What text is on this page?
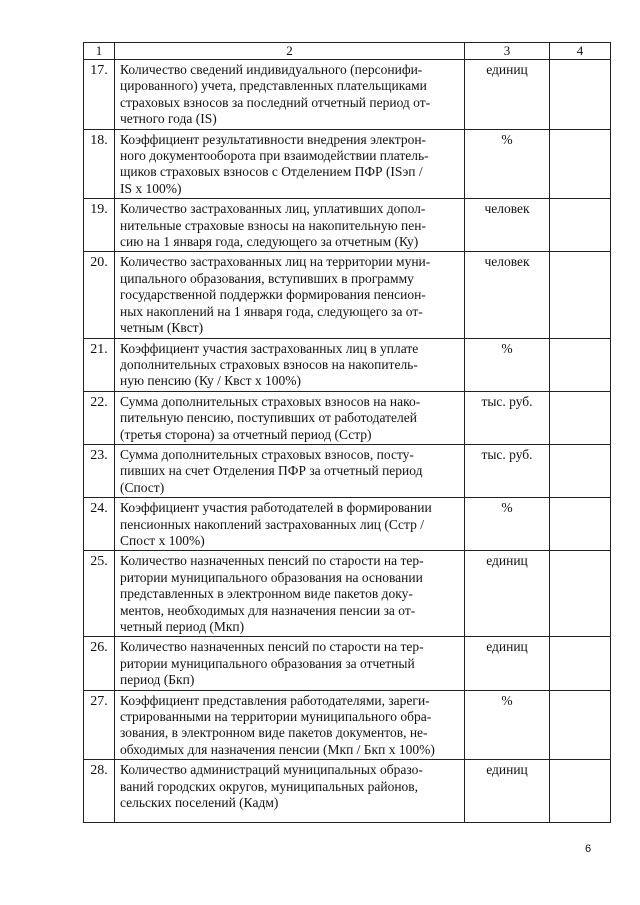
1	2	3	4
17.	Количество сведений индивидуального (персонифи-
цированного) учета, представленных плательщиками
страховых взносов за последний отчетный период от-
четного года (IS)	единиц	
18.	Коэффициент результативности внедрения электрон-
ного документооборота при взаимодействии платель-
щиков страховых взносов с Отделением ПФР (ISэп /
IS x 100%)	%	
19.	Количество застрахованных лиц, уплативших допол-
нительные страховые взносы на накопительную пен-
сию на 1 января года, следующего за отчетным (Ку)	человек	
20.	Количество застрахованных лиц на территории муни-
ципального образования, вступивших в программу
государственной поддержки формирования пенсион-
ных накоплений на 1 января года, следующего за от-
четным (Квст)	человек	
21.	Коэффициент участия застрахованных лиц в уплате
дополнительных страховых взносов на накопитель-
ную пенсию (Ку / Квст х 100%)	%	
22.	Сумма дополнительных страховых взносов на нако-
пительную пенсию, поступивших от работодателей
(третья сторона) за отчетный период (Сстр)	тыс. руб.	
23.	Сумма дополнительных страховых взносов, посту-
пивших на счет Отделения ПФР за отчетный период
(Спост)	тыс. руб.	
24.	Коэффициент участия работодателей в формировании
пенсионных накоплений застрахованных лиц (Сстр /
Спост х 100%)	%	
25.	Количество назначенных пенсий по старости на тер-
ритории муниципального образования на основании
представленных в электронном виде пакетов доку-
ментов, необходимых для назначения пенсии за от-
четный период (Мкп)	единиц	
26.	Количество назначенных пенсий по старости на тер-
ритории муниципального образования за отчетный
период (Бкп)	единиц	
27.	Коэффициент представления работодателями, зареги-
стрированными на территории муниципального обра-
зования, в электронном виде пакетов документов, не-
обходимых для назначения пенсии (Мкп / Бкп х 100%)	%	
28.	Количество администраций муниципальных образо-
ваний городских округов, муниципальных районов,
сельских поселений (Кадм)	единиц	
6
